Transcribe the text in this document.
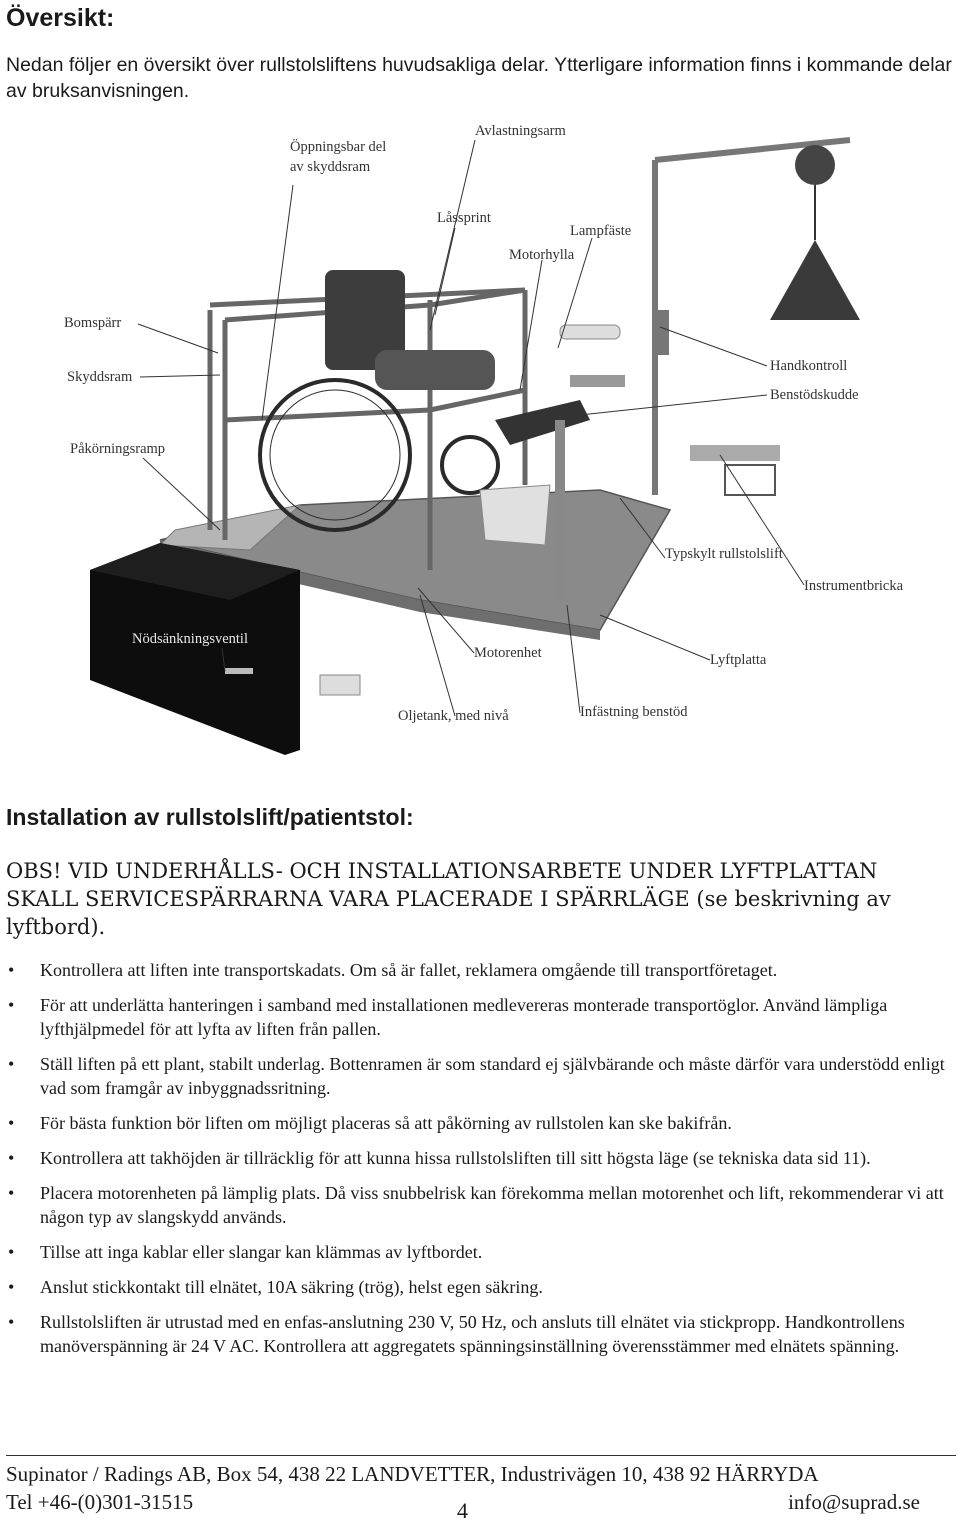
Översikt:

Nedan följer en översikt över rullstolsliftens huvudsakliga delar. Ytterligare information finns i kommande delar av bruksanvisningen.

Öppningsbar del
av skyddsram
Avlastningsarm
Låssprint
Lampfäste
Motorhylla
Bomspärr
Skyddsram
Handkontroll
Benstödskudde
Påkörningsramp
Typskylt rullstolslift
Instrumentbricka
Nödsänkningsventil
Motorenhet	Lyftplatta
Oljetank, med nivå	Infästning benstöd
Installation av rullstolslift/patientstol:

OBS! VID UNDERHÅLLS- OCH INSTALLATIONSARBETE UNDER LYFTPLATTAN SKALL SERVICESPÄRRARNA VARA PLACERADE I SPÄRRLÄGE (se beskrivning av lyftbord).

• Kontrollera att liften inte transportskadats. Om så är fallet, reklamera omgående till transportföretaget.
• För att underlätta hanteringen i samband med installationen medlevereras monterade transportöglor. Använd lämpliga lyfthjälpmedel för att lyfta av liften från pallen.
• Ställ liften på ett plant, stabilt underlag. Bottenramen är som standard ej självbärande och måste därför vara understödd enligt vad som framgår av inbyggnadssritning.
• För bästa funktion bör liften om möjligt placeras så att påkörning av rullstolen kan ske bakifrån.
• Kontrollera att takhöjden är tillräcklig för att kunna hissa rullstolsliften till sitt högsta läge (se tekniska data sid 11).
• Placera motorenheten på lämplig plats. Då viss snubbelrisk kan förekomma mellan motorenhet och lift, rekommenderar vi att någon typ av slangskydd används.
• Tillse att inga kablar eller slangar kan klämmas av lyftbordet.
• Anslut stickkontakt till elnätet, 10A säkring (trög), helst egen säkring.
• Rullstolsliften är utrustad med en enfas-anslutning 230 V, 50 Hz, och ansluts till elnätet via stickpropp. Handkontrollens manöverspänning är 24 V AC. Kontrollera att aggregatets spänningsinställning överensstämmer med elnätets spänning.
Supinator / Radings AB, Box 54, 438 22 LANDVETTER, Industrivägen 10, 438 92 HÄRRYDA
Tel +46-(0)301-31515	4	info@suprad.se
